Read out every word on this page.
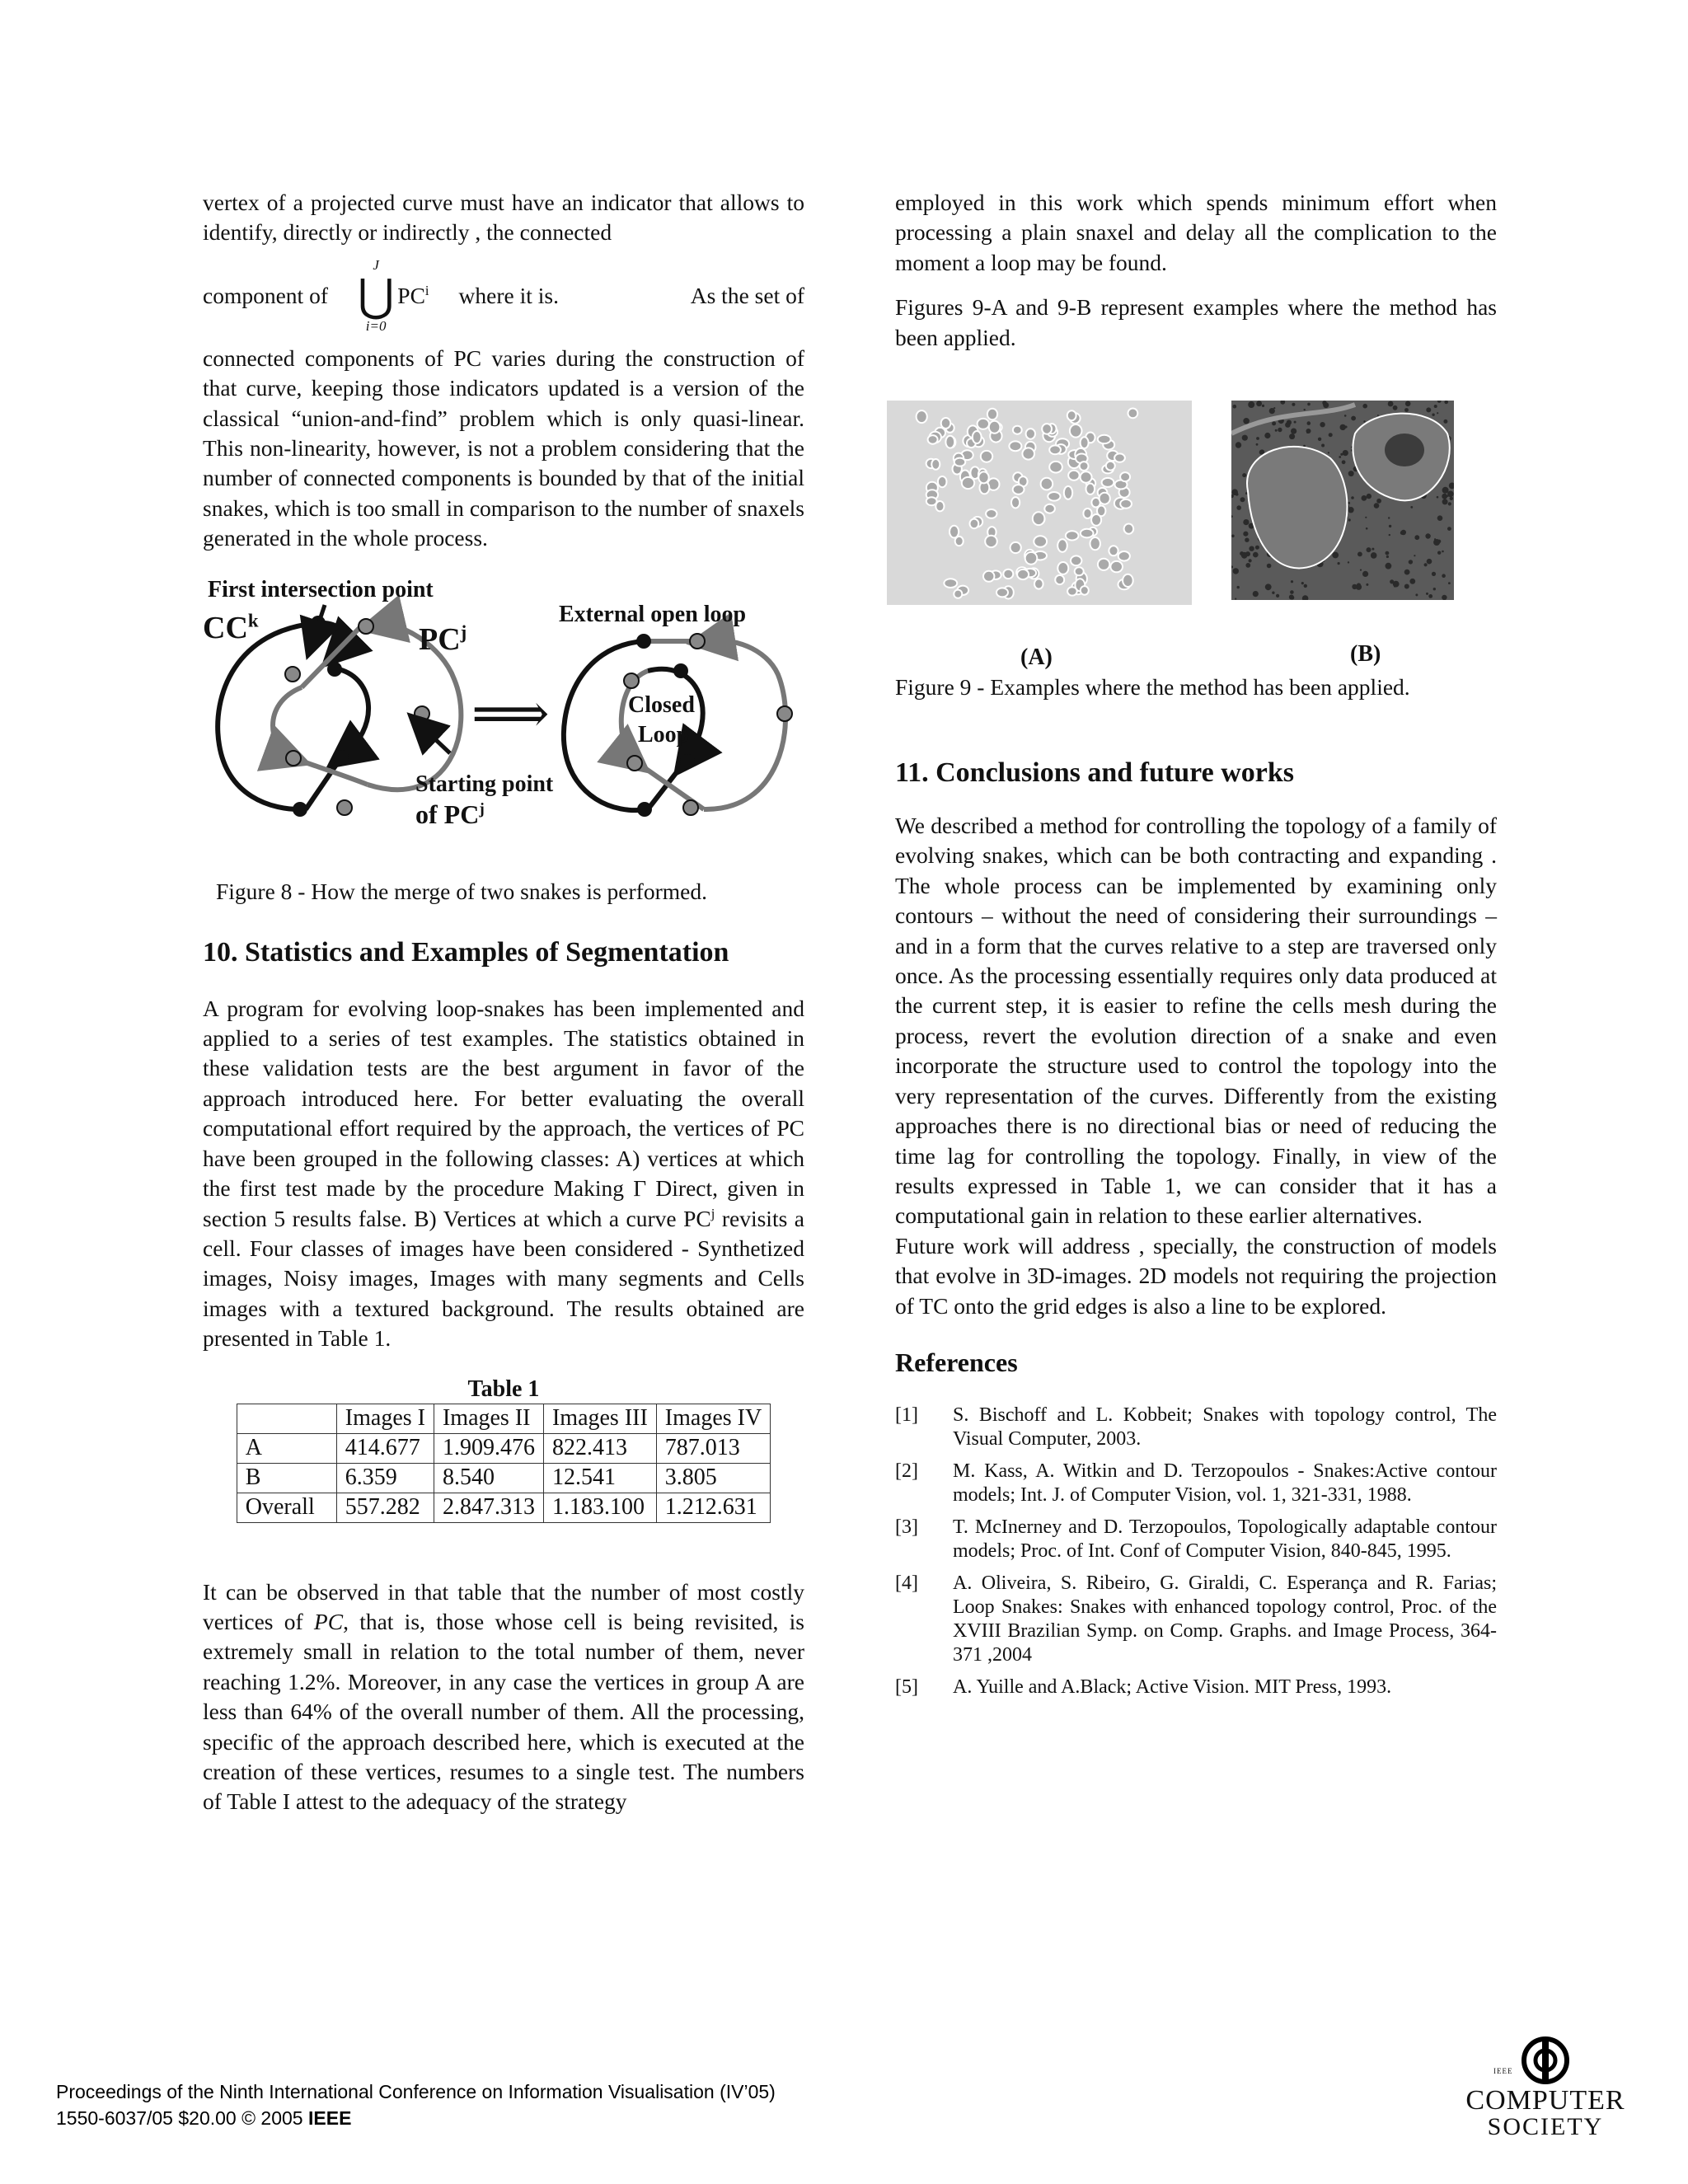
vertex of a projected curve must have an indicator that allows to identify, directly or indirectly , the connected

component of
J
⋃
i=0
$PC^i$ where it is.	As the set of

connected components of PC varies during the construction of that curve, keeping those indicators updated is a version of the classical “union-and-find” problem which is only quasi-linear. This non-linearity, however, is not a problem considering that the number of connected components is bounded by that of the initial snakes, which is too small in comparison to the number of snaxels generated in the whole process.

First intersection point
$CC^k$
$PC^j$
External open loop
⟹	Closed
Loop
Starting point
of $PC^j$

Figure 8 - How the merge of two snakes is performed.

10. Statistics and Examples of Segmentation

A program for evolving loop-snakes has been implemented and applied to a series of test examples. The statistics obtained in these validation tests are the best argument in favor of the approach introduced here. For better evaluating the overall computational effort required by the approach, the vertices of PC have been grouped in the following classes: A) vertices at which the first test made by the procedure Making Γ Direct, given in section 5 results false. B) Vertices at which a curve $PC^j$ revisits a cell. Four classes of images have been considered - Synthetized images, Noisy images, Images with many segments and Cells images with a textured background. The results obtained are presented in Table 1.

Table 1
	Images I	Images II	Images III	Images IV
A	414.677	1.909.476	822.413	787.013
B	6.359	8.540	12.541	3.805
Overall	557.282	2.847.313	1.183.100	1.212.631

It can be observed in that table that the number of most costly vertices of PC, that is, those whose cell is being revisited, is extremely small in relation to the total number of them, never reaching 1.2%. Moreover, in any case the vertices in group A are less than 64% of the overall number of them. All the processing, specific of the approach described here, which is executed at the creation of these vertices, resumes to a single test. The numbers of Table I attest to the adequacy of the strategy

employed in this work which spends minimum effort when processing a plain snaxel and delay all the complication to the moment a loop may be found.

Figures 9-A and 9-B represent examples where the method has been applied.

(A)	(B)

Figure 9 - Examples where the method has been applied.

11. Conclusions and future works

We described a method for controlling the topology of a family of evolving snakes, which can be both contracting and expanding . The whole process can be implemented by examining only contours – without the need of considering their surroundings – and in a form that the curves relative to a step are traversed only once. As the processing essentially requires only data produced at the current step, it is easier to refine the cells mesh during the process, revert the evolution direction of a snake and even incorporate the structure used to control the topology into the very representation of the curves. Differently from the existing approaches there is no directional bias or need of reducing the time lag for controlling the topology. Finally, in view of the results expressed in Table 1, we can consider that it has a computational gain in relation to these earlier alternatives.

Future work will address , specially, the construction of models that evolve in 3D-images. 2D models not requiring the projection of TC onto the grid edges is also a line to be explored.

References
[1]	S. Bischoff and L. Kobbeit; Snakes with topology control, The Visual Computer, 2003.
[2]	M. Kass, A. Witkin and D. Terzopoulos - Snakes:Active contour models; Int. J. of Computer Vision, vol. 1, 321-331, 1988.
[3]	T. McInerney and D. Terzopoulos, Topologically adaptable contour models; Proc. of Int. Conf of Computer Vision, 840-845, 1995.
[4]	A. Oliveira, S. Ribeiro, G. Giraldi, C. Esperança and R. Farias; Loop Snakes: Snakes with enhanced topology control, Proc. of the XVIII Brazilian Symp. on Comp. Graphs. and Image Process, 364-371 ,2004
[5]	A. Yuille and A.Black; Active Vision. MIT Press, 1993.
Proceedings of the Ninth International Conference on Information Visualisation (IV’05)
1550-6037/05 $20.00 © 2005 IEEE
IEEE
COMPUTER
SOCIETY
